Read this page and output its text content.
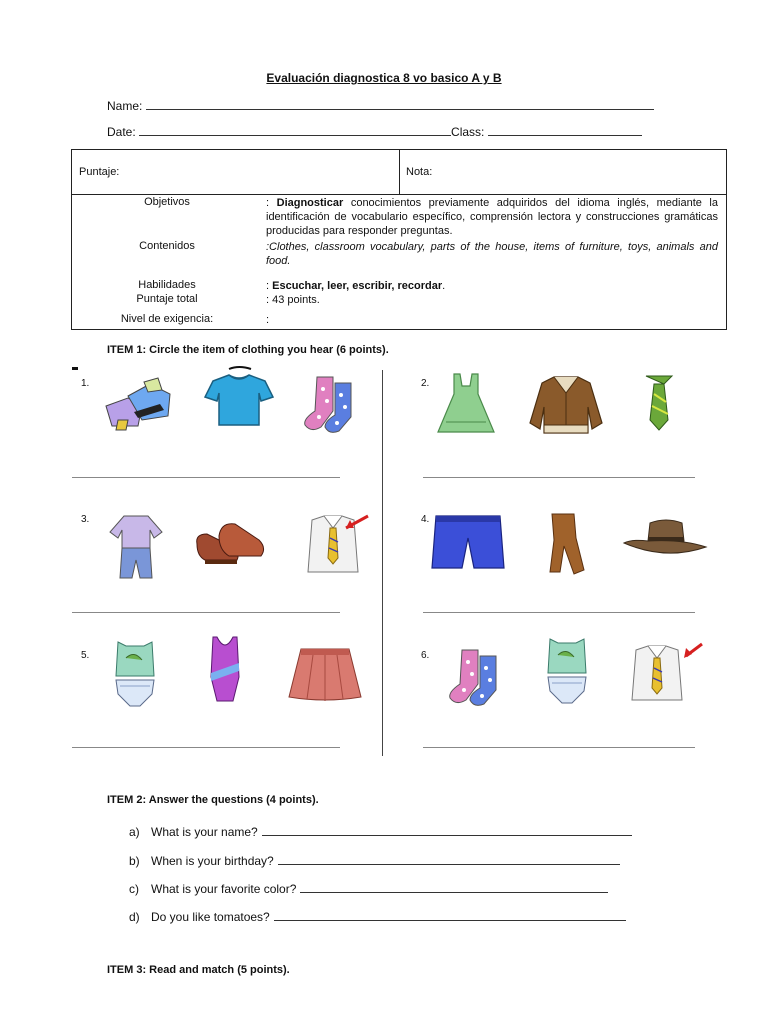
Evaluación diagnostica 8 vo basico A y B
Name:
Date:	Class:
Puntaje:	Nota:
Objetivos	: Diagnosticar conocimientos previamente adquiridos del idioma inglés, mediante la identificación de vocabulario específico, comprensión lectora y construcciones gramáticas producidas para responder preguntas.
Contenidos	:Clothes, classroom vocabulary, parts of the house, items of furniture, toys, animals and food.
Habilidades	: Escuchar, leer, escribir, recordar.
Puntaje total	: 43 points.
Nivel de exigencia:	:
ITEM 1: Circle the item of clothing you hear (6 points).
1.	2.
3.	4.
5.	6.
ITEM 2: Answer the questions (4 points).
a) What is your name?
b) When is your birthday?
c) What is your favorite color?
d) Do you like tomatoes?
ITEM 3: Read and match (5 points).
